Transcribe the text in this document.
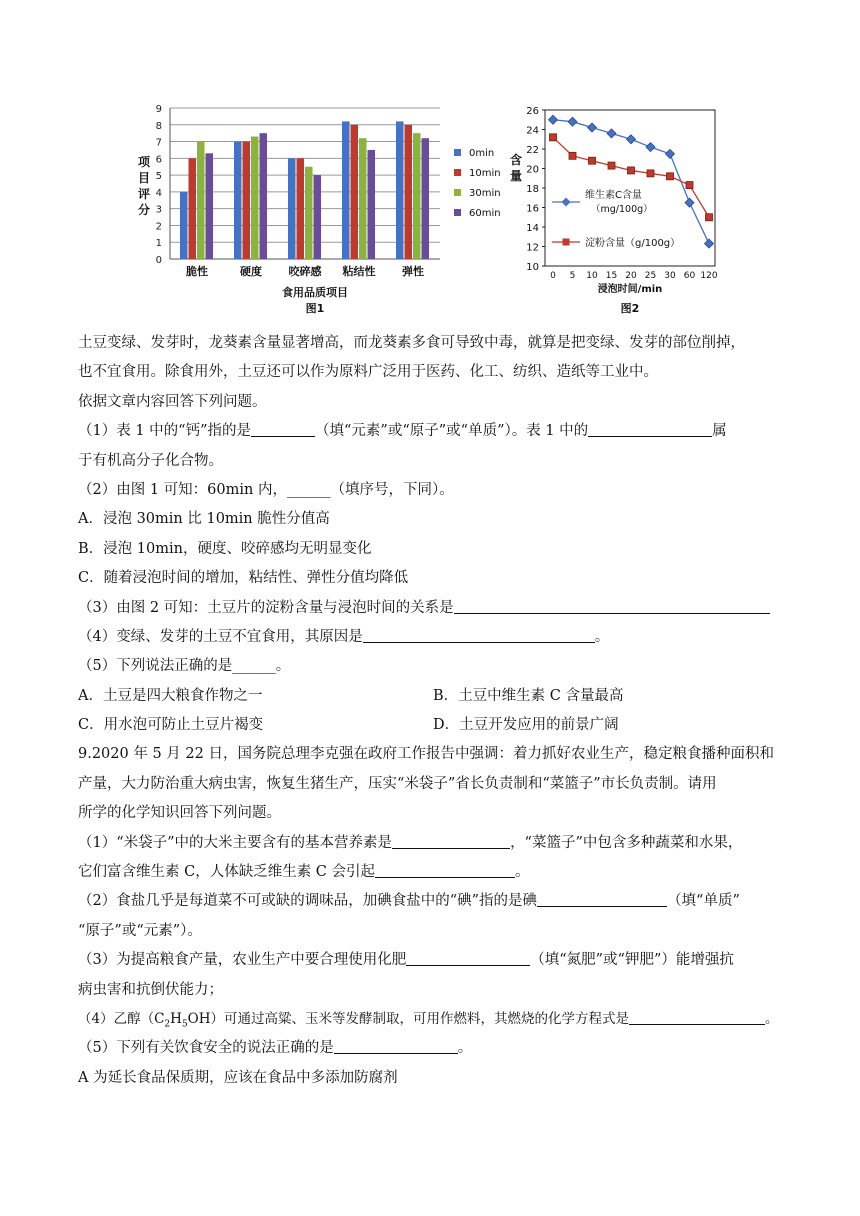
0
1
2
3
4
5
6
7
8
9
项
目
评
分
脆性	硬度 咬碎感 粘结性 弹性
食用品质项目
图1
0min
10min
30min
60min
10
12
14
16
18
20
22
24
26
0 5 10 15 20 25 30 60 120
含
量
浸泡时间/min
图2
维生素C含量
（mg/100g）
淀粉含量（g/100g）
土豆变绿、发芽时，龙葵素含量显著增高，而龙葵素多食可导致中毒，就算是把变绿、发芽的部位削掉，
也不宜食用。除食用外，土豆还可以作为原料广泛用于医药、化工、纺织、造纸等工业中。
依据文章内容回答下列问题。
（1）表 1 中的“钙”指的是	（填“元素”或“原子”或“单质”）。表 1 中的	属
于有机高分子化合物。
（2）由图 1 可知：60min 内，______（填序号，下同）。
A．浸泡 30min 比 10min 脆性分值高
B．浸泡 10min，硬度、咬碎感均无明显变化
C．随着浸泡时间的增加，粘结性、弹性分值均降低
（3）由图 2 可知：土豆片的淀粉含量与浸泡时间的关系是
（4）变绿、发芽的土豆不宜食用，其原因是	。
（5）下列说法正确的是______。
A．土豆是四大粮食作物之一	B．土豆中维生素 C 含量最高
C．用水泡可防止土豆片褐变	D．土豆开发应用的前景广阔
9.2020 年 5 月 22 日，国务院总理李克强在政府工作报告中强调：着力抓好农业生产，稳定粮食播种面积和
产量，大力防治重大病虫害，恢复生猪生产，压实“米袋子”省长负责制和“菜篮子”市长负责制。请用
所学的化学知识回答下列问题。
（1）“米袋子”中的大米主要含有的基本营养素是	，“菜篮子”中包含多种蔬菜和水果，
它们富含维生素 C，人体缺乏维生素 C 会引起	。
（2）食盐几乎是每道菜不可或缺的调味品，加碘食盐中的“碘”指的是碘	（填“单质”
“原子”或“元素”）。
（3）为提高粮食产量，农业生产中要合理使用化肥	（填“氮肥”或“钾肥”）能增强抗
病虫害和抗倒伏能力；
（4）乙醇$(C_2H_5OH)$可通过高粱、玉米等发酵制取，可用作燃料，其燃烧的化学方程式是	。
（5）下列有关饮食安全的说法正确的是	。
A 为延长食品保质期，应该在食品中多添加防腐剂
